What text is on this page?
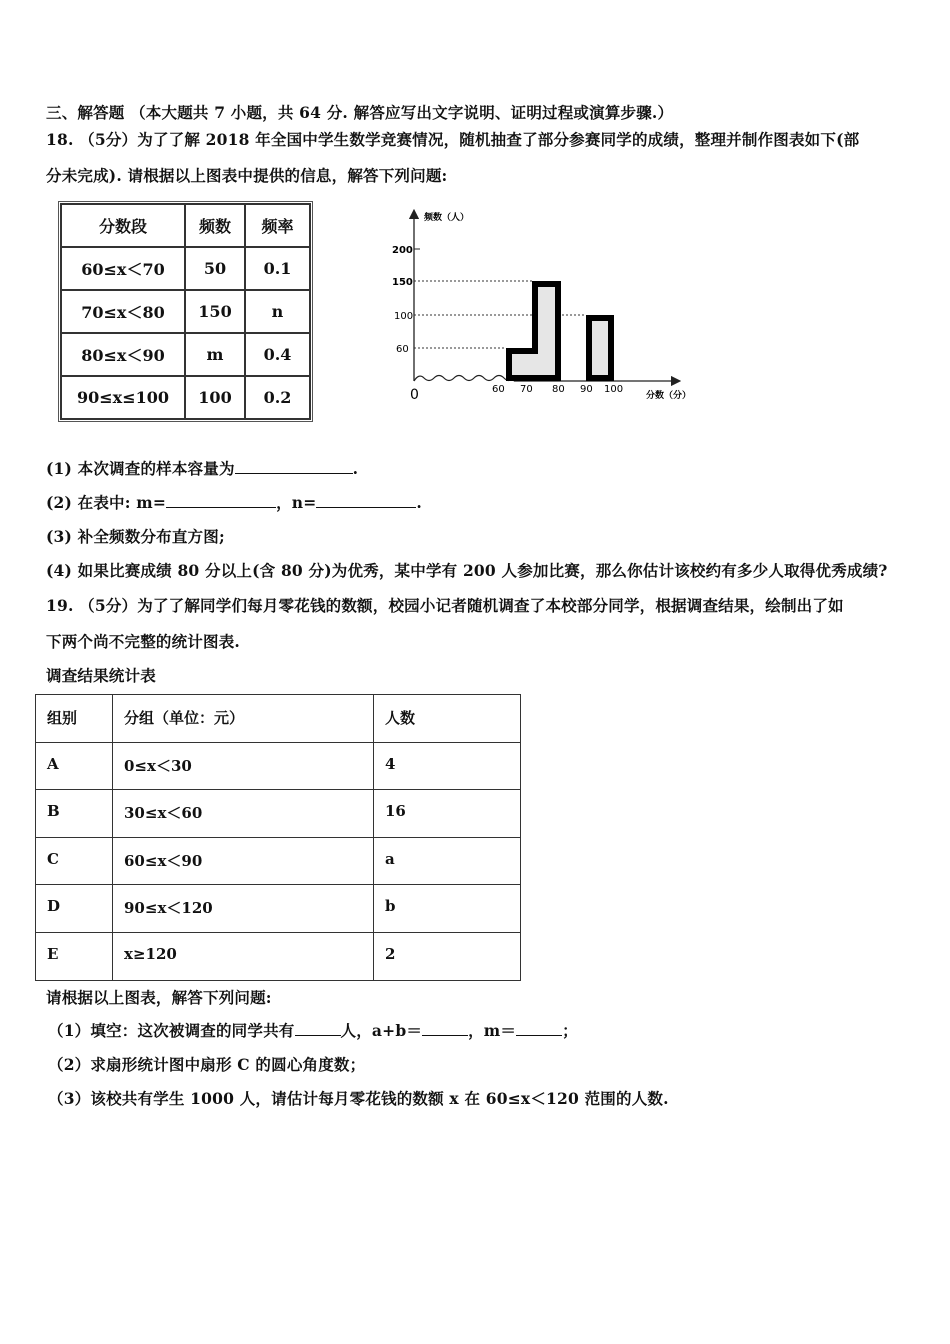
三、解答题 （本大题共 7 小题，共 64 分. 解答应写出文字说明、证明过程或演算步骤.）
18. （5分）为了了解 2018 年全国中学生数学竞赛情况，随机抽查了部分参赛同学的成绩，整理并制作图表如下(部
分未完成). 请根据以上图表中提供的信息，解答下列问题:
分数段	频数	频率
60≤x＜70	50	0.1
70≤x＜80	150	n
80≤x＜90	m	0.4
90≤x≤100	100	0.2
200
150
100
60
60 70 80 90 100
0
频数（人）
分数（分）
(1) 本次调查的样本容量为	.
(2) 在表中: m=	，n=	.
(3) 补全频数分布直方图;
(4) 如果比赛成绩 80 分以上(含 80 分)为优秀，某中学有 200 人参加比赛，那么你估计该校约有多少人取得优秀成绩?
19. （5分）为了了解同学们每月零花钱的数额，校园小记者随机调查了本校部分同学，根据调查结果，绘制出了如
下两个尚不完整的统计图表.
调查结果统计表
组别	分组（单位：元）	人数
A	0≤x＜30	4
B	30≤x＜60	16
C	60≤x＜90	a
D	90≤x＜120	b
E	x≥120	2
请根据以上图表，解答下列问题:
（1）填空：这次被调查的同学共有	人，a+b＝	，m＝	；
（2）求扇形统计图中扇形 C 的圆心角度数；
（3）该校共有学生 1000 人，请估计每月零花钱的数额 x 在 60≤x＜120 范围的人数.
